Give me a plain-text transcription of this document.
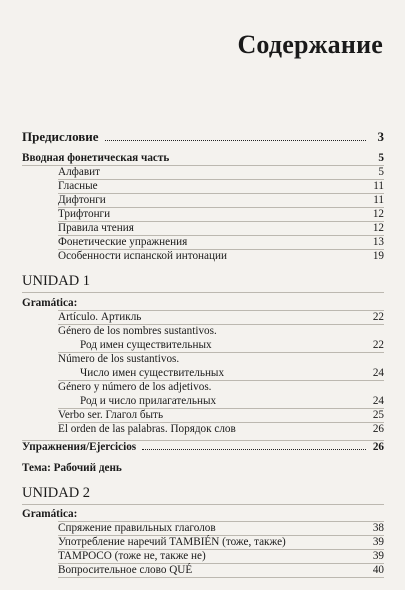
Содержание
Предисловие	3
Вводная фонетическая часть	5
Алфавит	5
Гласные	11
Дифтонги	11
Трифтонги	12
Правила чтения	12
Фонетические упражнения	13
Особенности испанской интонации	19
UNIDAD 1
Gramática:
Artículo. Артикль	22
Género de los nombres sustantivos.
Род имен существительных	22
Número de los sustantivos.
Число имен существительных	24
Género y número de los adjetivos.
Род и число прилагательных	24
Verbo ser. Глагол быть	25
El orden de las palabras. Порядок слов	26
Упражнения/Ejercicios	26
Тема: Рабочий день
UNIDAD 2
Gramática:
Спряжение правильных глаголов	38
Употребление наречий TAMBIÉN (тоже, также)	39
TAMPOCO (тоже не, также не)	39
Вопросительное слово QUÉ	40
